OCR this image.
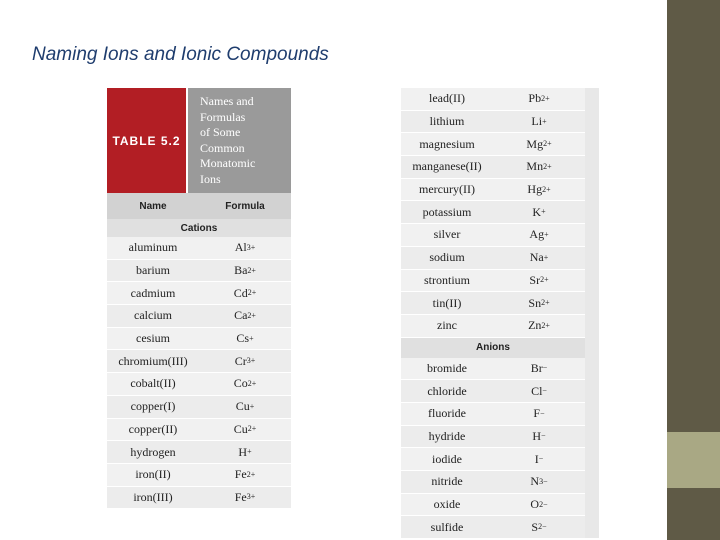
Naming Ions and Ionic Compounds
TABLE 5.2
Names and
Formulas
of Some
Common
Monatomic
Ions
Name	Formula
Cations
aluminum	Al 3+
barium	Ba 2+
cadmium	Cd 2+
calcium	Ca 2+
cesium	Cs +
chromium(III)	Cr 3+
cobalt(II)	Co 2+
copper(I)	Cu +
copper(II)	Cu 2+
hydrogen	H +
iron(II)	Fe 2+
iron(III)	Fe 3+
lead(II)	Pb 2+
lithium	Li +
magnesium	Mg 2+
manganese(II)	Mn 2+
mercury(II)	Hg 2+
potassium	K +
silver	Ag +
sodium	Na +
strontium	Sr 2+
tin(II)	Sn 2+
zinc	Zn 2+
Anions
bromide	Br −
chloride	Cl −
fluoride	F −
hydride	H −
iodide	I −
nitride	N 3−
oxide	O 2−
sulfide	S 2−
